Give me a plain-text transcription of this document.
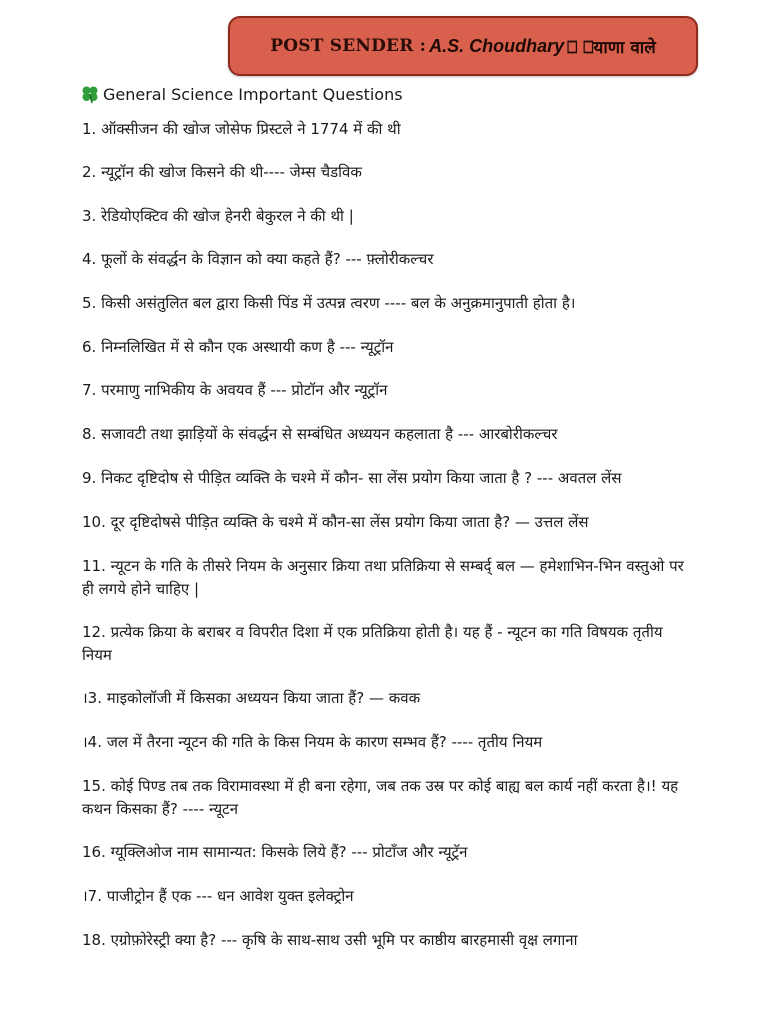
POST SENDER : A.S. Choudhary ⎕ ⎕याणा वाले
General Science Important Questions

1. ऑक्सीजन की खोज जोसेफ प्रिस्टले ने 1774 में की थी

2. न्यूट्रॉन की खोज किसने की थी---- जेम्स चैडविक

3. रेडियोएक्टिव की खोज हेनरी बेकुरल ने की थी |

4. फूलों के संवर्द्धन के विज्ञान को क्या कहते हैं? --- फ़्लोरीकल्चर

5. किसी असंतुलित बल द्वारा किसी पिंड में उत्पन्न त्वरण ---- बल के अनुक्रमानुपाती होता है।

6. निम्नलिखित में से कौन एक अस्थायी कण है --- न्यूट्रॉन

7. परमाणु नाभिकीय के अवयव हैं --- प्रोटॉन और न्यूट्रॉन

8. सजावटी तथा झाड़ियों के संवर्द्धन से सम्बंधित अध्ययन कहलाता है --- आरबोरीकल्चर

9. निकट दृष्टिदोष से पीड़ित व्यक्ति के चश्मे में कौन- सा लेंस प्रयोग किया जाता है ? --- अवतल लेंस

10. दूर दृष्टिदोषसे पीड़ित व्यक्ति के चश्मे में कौन-सा लेंस प्रयोग किया जाता है? — उत्तल लेंस

11. न्यूटन के गति के तीसरे नियम के अनुसार क्रिया तथा प्रतिक्रिया से सम्बर्द् बल — हमेशाभिन-भिन वस्तुओ पर ही लगये होने चाहिए |

12. प्रत्येक क्रिया के बराबर व विपरीत दिशा में एक प्रतिक्रिया होती है। यह हैं - न्यूटन का गति विषयक तृतीय नियम

।3. माइकोलॉजी में किसका अध्ययन किया जाता हैं? — कवक

।4. जल में तैरना न्यूटन की गति के किस नियम के कारण सम्भव हैं? ---- तृतीय नियम

15. कोई पिण्ड तब तक विरामावस्था में ही बना रहेगा, जब तक उस्र पर कोई बाह्य बल कार्य नहीं करता है।! यह कथन किसका हैं? ---- न्यूटन

16. ग्यूक्लिओज नाम सामान्यत: किसके लिये हैं? --- प्रोटॉंज और न्यूट्रॅन

।7. पाजीट्रोन हैं एक --- धन आवेश युक्त इलेक्ट्रोन

18. एग्रोफ़ोरेस्ट्री क्या है? --- कृषि के साथ-साथ उसी भूमि पर काष्ठीय बारहमासी वृक्ष लगाना
